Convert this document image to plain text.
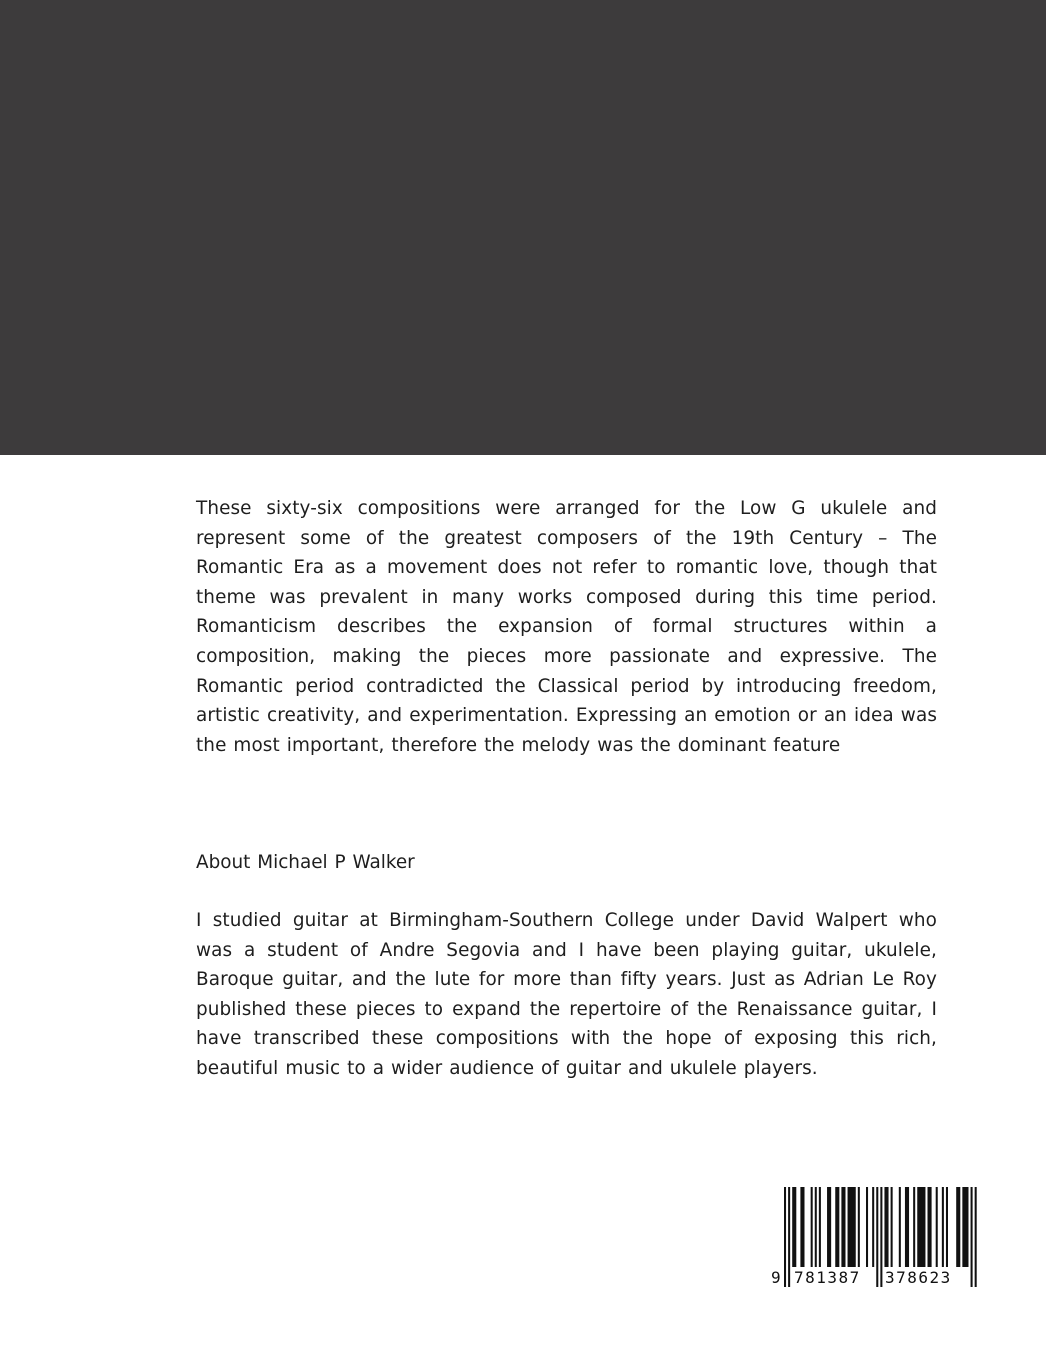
These sixty-six compositions were arranged for the Low G ukulele and represent some of the greatest composers of the 19th Century – The Romantic Era as a movement does not refer to romantic love, though that theme was prevalent in many works composed during this time period. Romanticism describes the expansion of formal structures within a composition, making the pieces more passionate and expressive. The Romantic period contradicted the Classical period by introducing freedom, artistic creativity, and experimentation. Expressing an emotion or an idea was the most important, therefore the melody was the dominant feature

About Michael P Walker

I studied guitar at Birmingham-Southern College under David Walpert who was a student of Andre Segovia and I have been playing guitar, ukulele, Baroque guitar, and the lute for more than fifty years. Just as Adrian Le Roy published these pieces to expand the repertoire of the Renaissance guitar, I have transcribed these compositions with the hope of exposing this rich, beautiful music to a wider audience of guitar and ukulele players.

9 781387 378623
